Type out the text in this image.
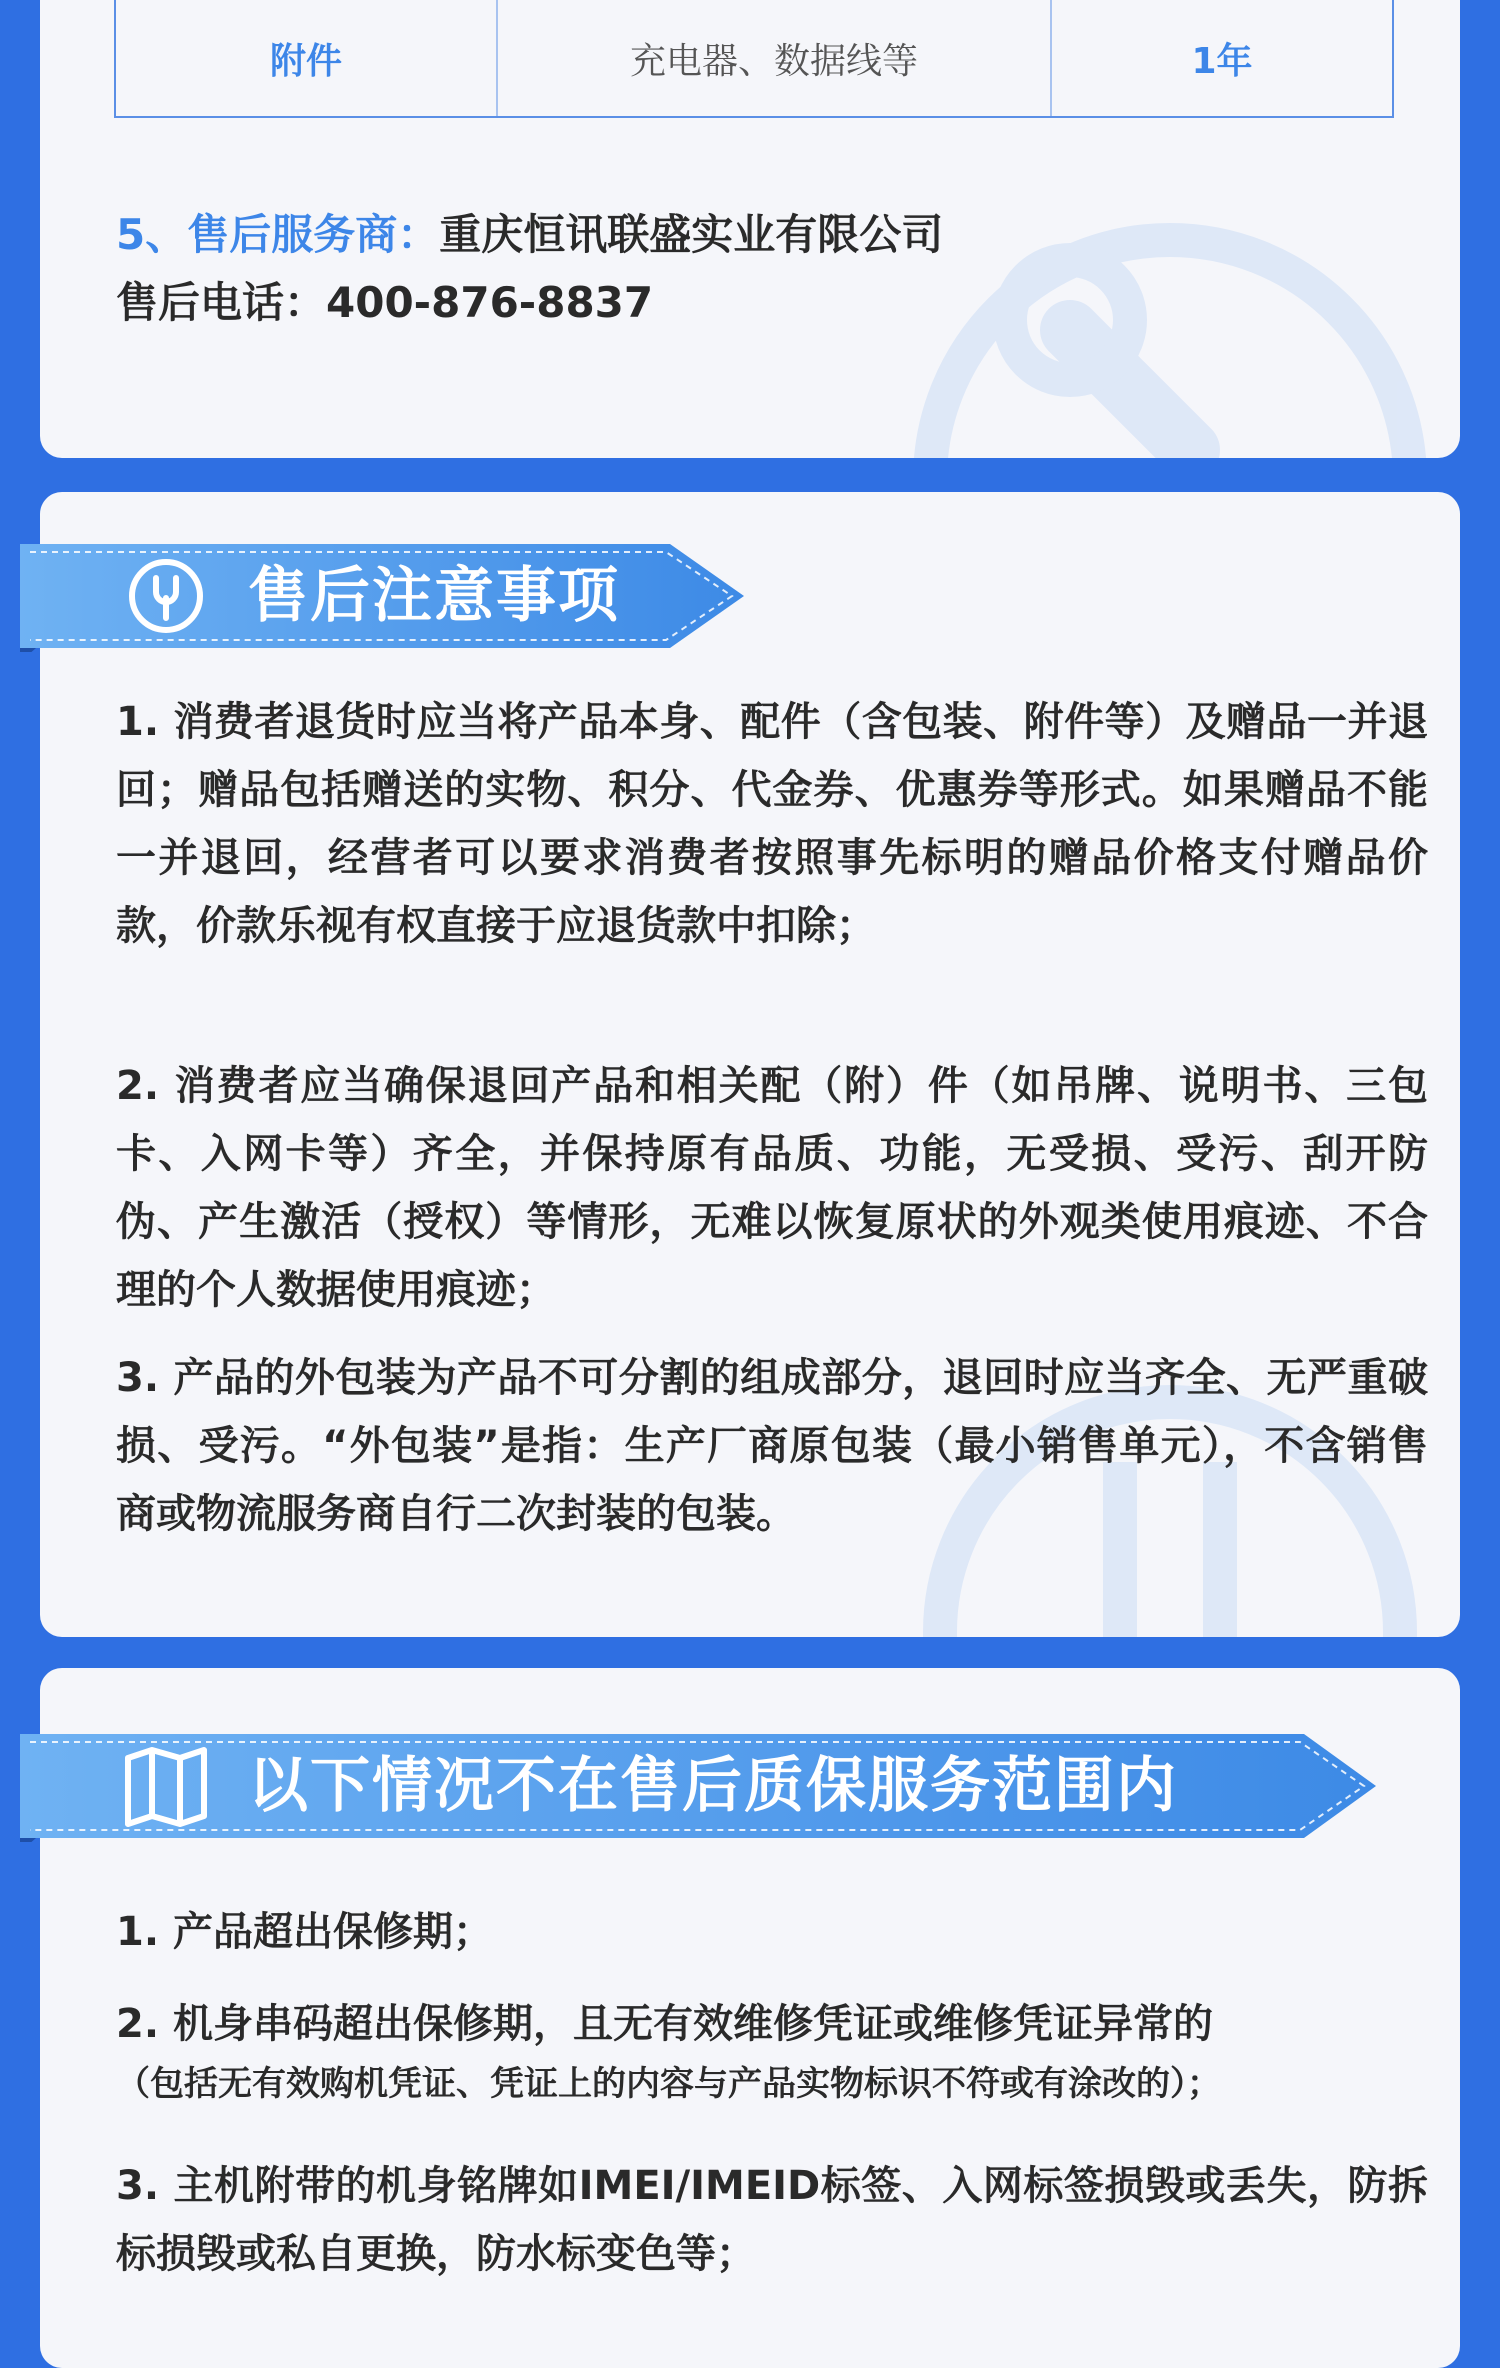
附件	充电器、数据线等	1年
5、售后服务商：重庆恒讯联盛实业有限公司
售后电话：400-876-8837
1. 消费者退货时应当将产品本身、配件（含包装、附件等）及赠品一并退回；赠品包括赠送的实物、积分、代金券、优惠券等形式。如果赠品不能一并退回，经营者可以要求消费者按照事先标明的赠品价格支付赠品价款，价款乐视有权直接于应退货款中扣除；
2. 消费者应当确保退回产品和相关配（附）件（如吊牌、说明书、三包卡、入网卡等）齐全，并保持原有品质、功能，无受损、受污、刮开防伪、产生激活（授权）等情形，无难以恢复原状的外观类使用痕迹、不合理的个人数据使用痕迹；
3. 产品的外包装为产品不可分割的组成部分，退回时应当齐全、无严重破损、受污。“外包装”是指：生产厂商原包装（最小销售单元），不含销售商或物流服务商自行二次封装的包装。
售后注意事项
1. 产品超出保修期；
2. 机身串码超出保修期，且无有效维修凭证或维修凭证异常的
（包括无有效购机凭证、凭证上的内容与产品实物标识不符或有涂改的）；
3. 主机附带的机身铭牌如IMEI/IMEID标签、入网标签损毁或丢失，防拆标损毁或私自更换，防水标变色等；
以下情况不在售后质保服务范围内
